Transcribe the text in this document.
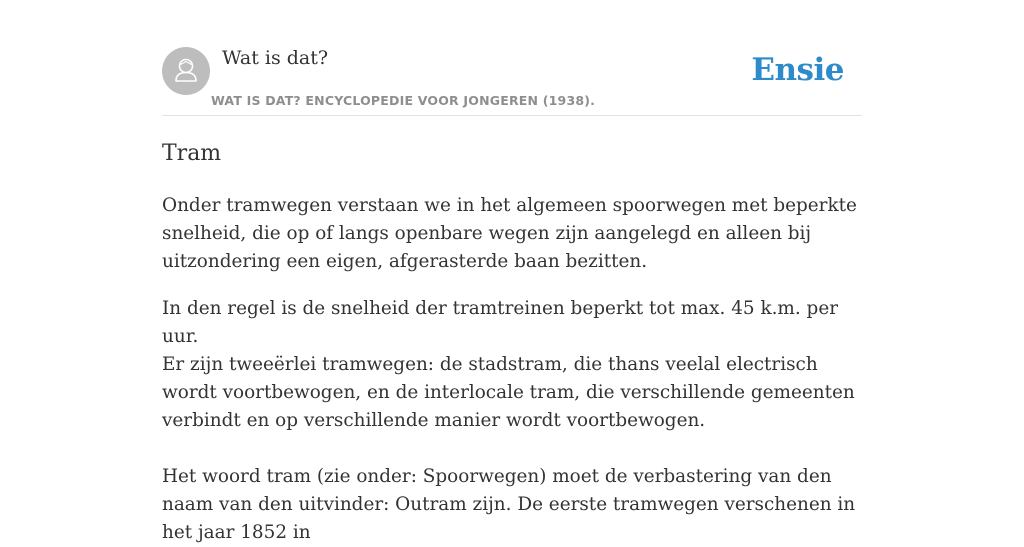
Wat is dat?
WAT IS DAT? ENCYCLOPEDIE VOOR JONGEREN (1938).
Ensie
Tram

Onder tramwegen verstaan we in het algemeen spoorwegen met beperkte snelheid, die op of langs openbare wegen zijn aangelegd en alleen bij uitzondering een eigen, afgerasterde baan bezitten.

In den regel is de snelheid der tramtreinen beperkt tot max. 45 k.m. per uur.

Er zijn tweeërlei tramwegen: de stadstram, die thans veelal electrisch wordt voortbewogen, en de interlocale tram, die verschillende gemeenten verbindt en op verschillende manier wordt voortbewogen.

Het woord tram (zie onder: Spoorwegen) moet de verbastering van den naam van den uitvinder: Outram zijn. De eerste tramwegen verschenen in het jaar 1852 in
